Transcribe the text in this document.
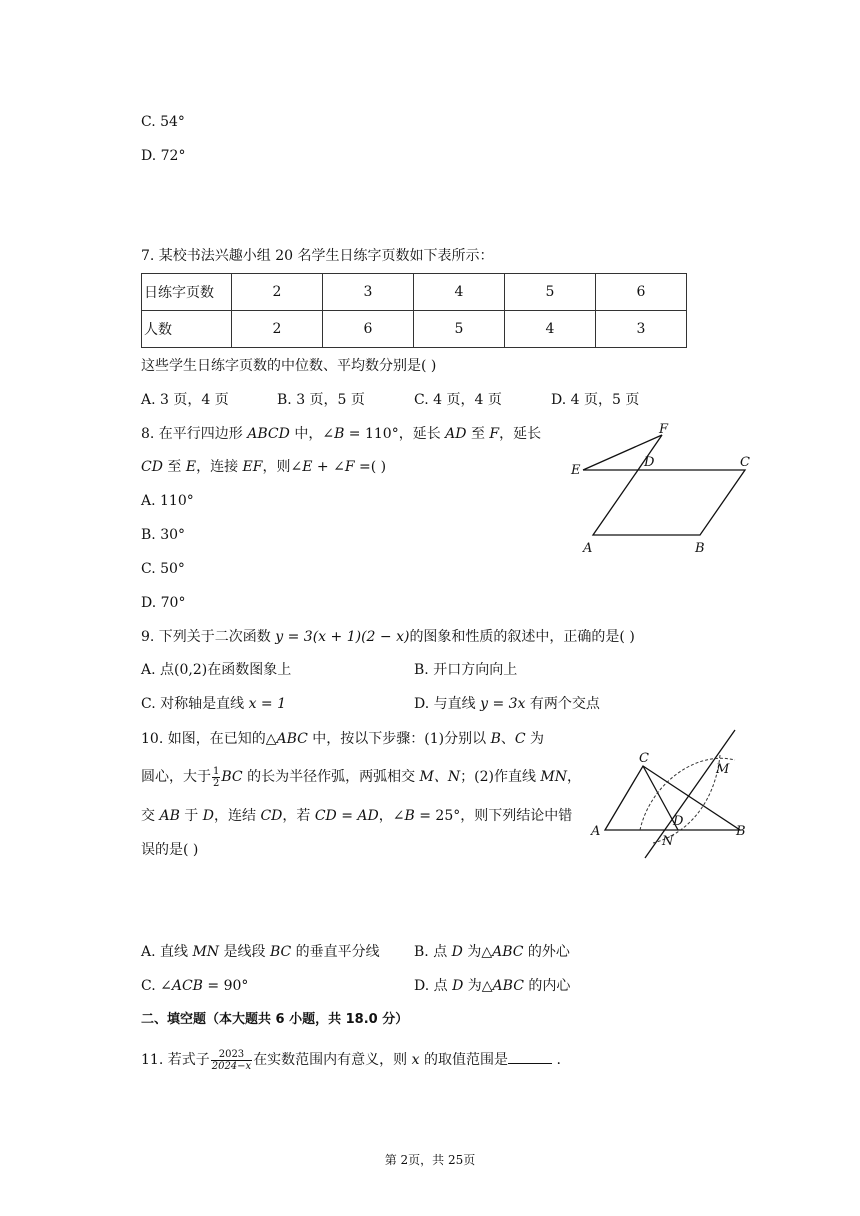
C. 54°
D. 72°
7. 某校书法兴趣小组 20 名学生日练字页数如下表所示：
日练字页数	2	3	4	5	6
人数	2	6	5	4	3
这些学生日练字页数的中位数、平均数分别是( )
A. 3 页，4 页	B. 3 页，5 页	C. 4 页，4 页	D. 4 页，5 页
8. 在平行四边形 ABCD 中，∠B = 110°，延长 AD 至 F，延长
CD 至 E，连接 EF，则∠E + ∠F =( )
A. 110°
B. 30°
C. 50°
D. 70°
F
E
D	C
A	B
9. 下列关于二次函数 y = 3(x + 1)(2 − x)的图象和性质的叙述中，正确的是( )
A. 点(0,2)在函数图象上	B. 开口方向向上
C. 对称轴是直线 x = 1	D. 与直线 y = 3x 有两个交点
10. 如图，在已知的△ABC 中，按以下步骤：(1)分别以 B、C 为
圆心，大于 $\frac{1}{2}$ BC 的长为半径作弧，两弧相交 M、N；(2)作直线 MN，
交 AB 于 D，连结 CD，若 CD = AD，∠B = 25°，则下列结论中错
误的是( )
C
M
A
D
B
N
A. 直线 MN 是线段 BC 的垂直平分线 B. 点 D 为△ABC 的外心
C. ∠ACB = 90°	D. 点 D 为△ABC 的内心
二、填空题（本大题共 6 小题，共 18.0 分）
11. 若式子 $\frac{2023}{2024-x}$ 在实数范围内有意义，则 x 的取值范围是	.
第 2页，共 25页
